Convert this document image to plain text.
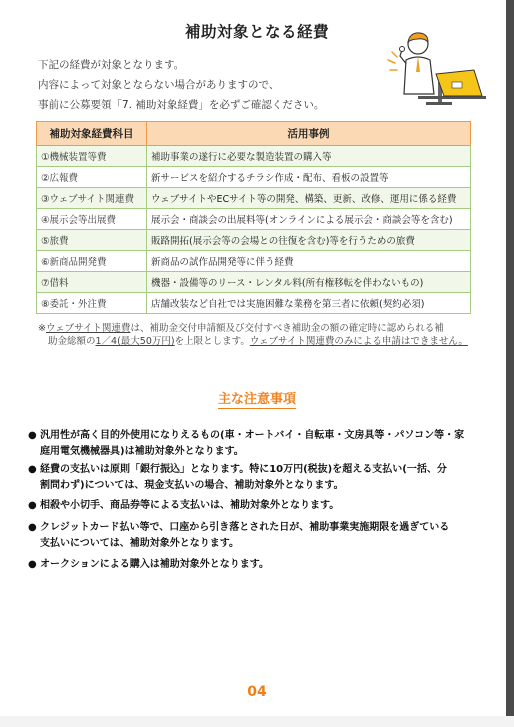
補助対象となる経費
下記の経費が対象となります。
内容によって対象とならない場合がありますので、
事前に公募要領「7. 補助対象経費」を必ずご確認ください。
補助対象経費科目	活用事例
①機械装置等費	補助事業の遂行に必要な製造装置の購入等
②広報費	新サービスを紹介するチラシ作成・配布、看板の設置等
③ウェブサイト関連費	ウェブサイトやECサイト等の開発、構築、更新、改修、運用に係る経費
④展示会等出展費	展示会・商談会の出展料等(オンラインによる展示会・商談会等を含む)
⑤旅費	販路開拓(展示会等の会場との往復を含む)等を行うための旅費
⑥新商品開発費	新商品の試作品開発等に伴う経費
⑦借料	機器・設備等のリース・レンタル料(所有権移転を伴わないもの)
⑧委託・外注費	店舗改装など自社では実施困難な業務を第三者に依頼(契約必須)
※ウェブサイト関連費は、補助金交付申請額及び交付すべき補助金の額の確定時に認められる補
助金総額の1／4(最大50万円)を上限とします。ウェブサイト関連費のみによる申請はできません。
主な注意事項
● 汎用性が高く目的外使用になりえるもの(車・オートバイ・自転車・文房具等・パソコン等・家
庭用電気機械器具)は補助対象外となります。
● 経費の支払いは原則「銀行振込」となります。特に10万円(税抜)を超える支払い(一括、分
割問わず)については、現金支払いの場合、補助対象外となります。
● 相殺や小切手、商品券等による支払いは、補助対象外となります。
● クレジットカード払い等で、口座から引き落とされた日が、補助事業実施期限を過ぎている
支払いについては、補助対象外となります。
● オークションによる購入は補助対象外となります。
04
